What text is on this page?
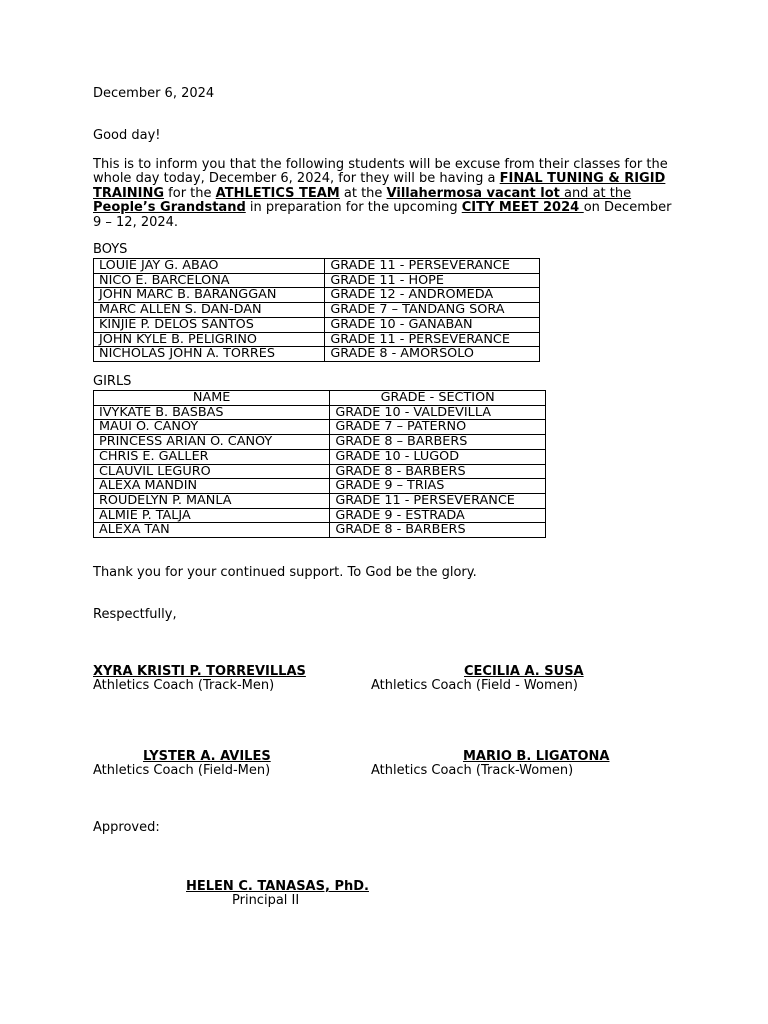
December 6, 2024
Good day!
This is to inform you that the following students will be excuse from their classes for the
whole day today, December 6, 2024, for they will be having a FINAL TUNING & RIGID
TRAINING for the ATHLETICS TEAM at the Villahermosa vacant lot and at the
People’s Grandstand in preparation for the upcoming CITY MEET 2024 on December
9 – 12, 2024.
BOYS
LOUIE JAY G. ABAO	GRADE 11 - PERSEVERANCE
NICO E. BARCELONA	GRADE 11 - HOPE
JOHN MARC B. BARANGGAN	GRADE 12 - ANDROMEDA
MARC ALLEN S. DAN-DAN	GRADE 7 – TANDANG SORA
KINJIE P. DELOS SANTOS	GRADE 10 - GANABAN
JOHN KYLE B. PELIGRINO	GRADE 11 - PERSEVERANCE
NICHOLAS JOHN A. TORRES	GRADE 8 - AMORSOLO
GIRLS
NAME	GRADE - SECTION
IVYKATE B. BASBAS	GRADE 10 - VALDEVILLA
MAUI O. CANOY	GRADE 7 – PATERNO
PRINCESS ARIAN O. CANOY	GRADE 8 – BARBERS
CHRIS E. GALLER	GRADE 10 - LUGOD
CLAUVIL LEGURO	GRADE 8 - BARBERS
ALEXA MANDIN	GRADE 9 – TRIAS
ROUDELYN P. MANLA	GRADE 11 - PERSEVERANCE
ALMIE P. TALJA	GRADE 9 - ESTRADA
ALEXA TAN	GRADE 8 - BARBERS
Thank you for your continued support. To God be the glory.
Respectfully,
XYRA KRISTI P. TORREVILLAS
Athletics Coach (Track-Men)
CECILIA A. SUSA
Athletics Coach (Field - Women)
LYSTER A. AVILES
Athletics Coach (Field-Men)
MARIO B. LIGATONA
Athletics Coach (Track-Women)
Approved:
HELEN C. TANASAS, PhD.
Principal II
